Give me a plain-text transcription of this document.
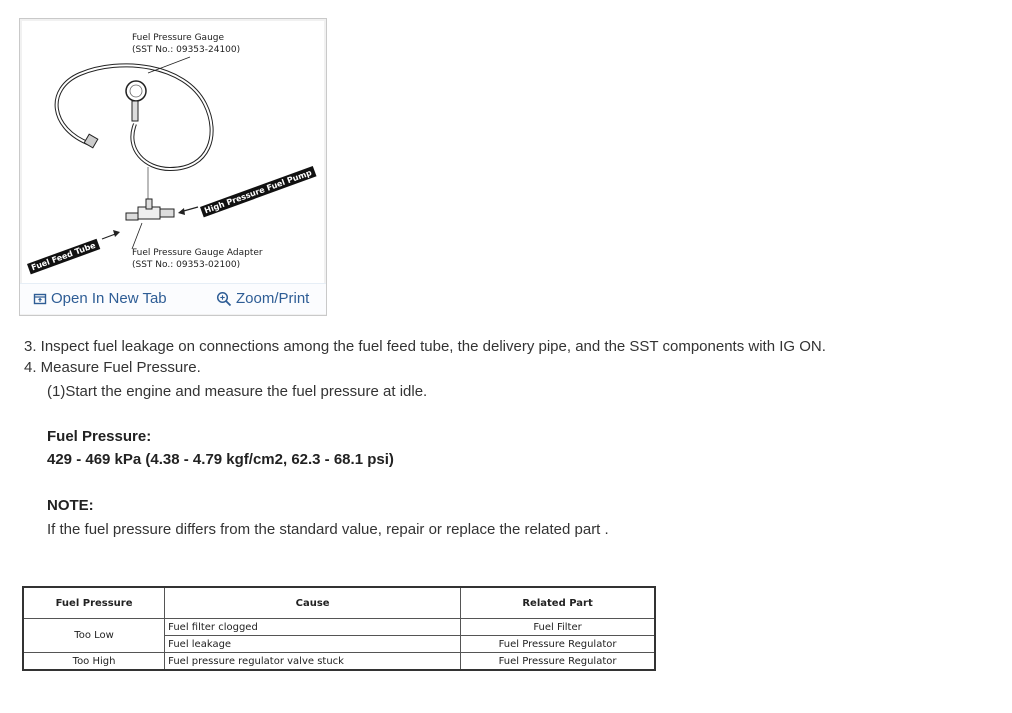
Fuel Pressure Gauge
(SST No.: 09353-24100)
High Pressure Fuel Pump
Fuel Feed Tube	Fuel Pressure Gauge Adapter
(SST No.: 09353-02100)
Open In New Tab	Zoom/Print
3. Inspect fuel leakage on connections among the fuel feed tube, the delivery pipe, and the SST components with IG ON.
4. Measure Fuel Pressure.
(1)Start the engine and measure the fuel pressure at idle.
Fuel Pressure:
429 - 469 kPa (4.38 - 4.79 kgf/cm2, 62.3 - 68.1 psi)
NOTE:
If the fuel pressure differs from the standard value, repair or replace the related part .
Fuel Pressure	Cause	Related Part
Too Low	Fuel filter clogged	Fuel Filter
	Fuel leakage	Fuel Pressure Regulator
Too High	Fuel pressure regulator valve stuck	Fuel Pressure Regulator
